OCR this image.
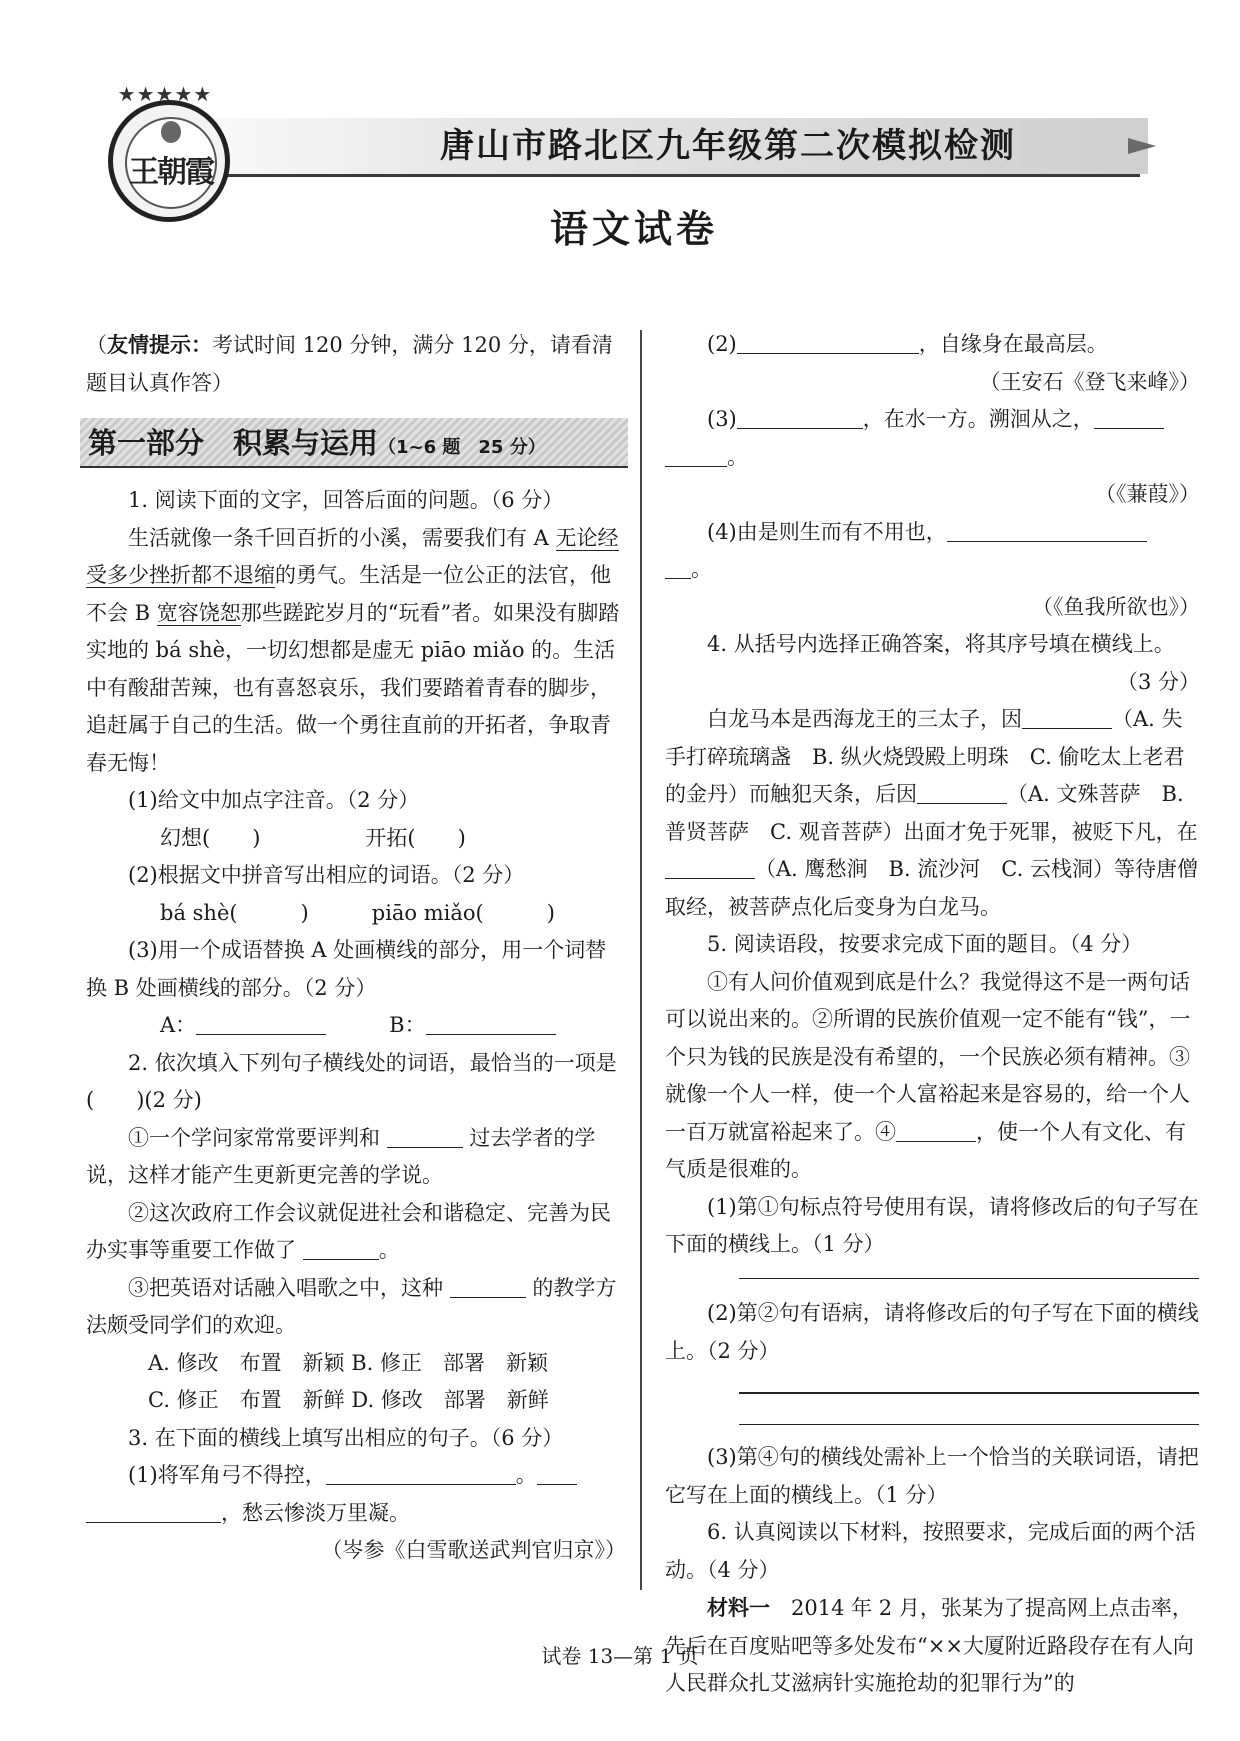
王朝霞
★★★★★
唐山市路北区九年级第二次模拟检测
语文试卷

（友情提示：考试时间 120 分钟，满分 120 分，请看清题目认真作答）

第一部分　积累与运用（1~6 题　25 分）

1. 阅读下面的文字，回答后面的问题。（6 分）

生活就像一条千回百折的小溪，需要我们有 A 无论经受多少挫折都不退缩的勇气。生活是一位公正的法官，他不会 B 宽容饶恕那些蹉跎岁月的“玩看”者。如果没有脚踏实地的 bá shè，一切幻想都是虚无 piāo miǎo 的。生活中有酸甜苦辣，也有喜怒哀乐，我们要踏着青春的脚步，追赶属于自己的生活。做一个勇往直前的开拓者，争取青春无悔！

(1)给文中加点字注音。（2 分）

幻想(　　)　　　　　开拓(　　)

(2)根据文中拼音写出相应的词语。（2 分）

bá shè(　　　)　　　piāo miǎo(　　　)

(3)用一个成语替换 A 处画横线的部分，用一个词替换 B 处画横线的部分。（2 分）

A：　　　	B：

2. 依次填入下列句子横线处的词语，最恰当的一项是(　　)(2 分)

①一个学问家常常要评判和	过去学者的学说，这样才能产生更新更完善的学说。

②这次政府工作会议就促进社会和谐稳定、完善为民办实事等重要工作做了	。

③把英语对话融入唱歌之中，这种	的教学方法颇受同学们的欢迎。

A. 修改　布置　新颖 B. 修正　部署　新颖

C. 修正　布置　新鲜 D. 修改　部署　新鲜

3. 在下面的横线上填写出相应的句子。（6 分）

(1)将军角弓不得控，	。

，愁云惨淡万里凝。

（岑参《白雪歌送武判官归京》）

(2)	，自缘身在最高层。

（王安石《登飞来峰》）

(3)	，在水一方。溯洄从之，

。

（《蒹葭》）

(4)由是则生而有不用也，

。

（《鱼我所欲也》）

4. 从括号内选择正确答案，将其序号填在横线上。

（3 分）

白龙马本是西海龙王的三太子，因	（A. 失手打碎琉璃盏　B. 纵火烧毁殿上明珠　C. 偷吃太上老君的金丹）而触犯天条，后因	（A. 文殊菩萨　B. 普贤菩萨　C. 观音菩萨）出面才免于死罪，被贬下凡，在（A. 鹰愁涧　B. 流沙河　C. 云栈洞）等待唐僧取经，被菩萨点化后变身为白龙马。

5. 阅读语段，按要求完成下面的题目。（4 分）

①有人问价值观到底是什么？我觉得这不是一两句话可以说出来的。②所谓的民族价值观一定不能有“钱”，一个只为钱的民族是没有希望的，一个民族必须有精神。③就像一个人一样，使一个人富裕起来是容易的，给一个人一百万就富裕起来了。④	，使一个人有文化、有气质是很难的。

(1)第①句标点符号使用有误，请将修改后的句子写在下面的横线上。（1 分）

(2)第②句有语病，请将修改后的句子写在下面的横线上。（2 分）

(3)第④句的横线处需补上一个恰当的关联词语，请把它写在上面的横线上。（1 分）

6. 认真阅读以下材料，按照要求，完成后面的两个活动。（4 分）

材料一　2014 年 2 月，张某为了提高网上点击率，先后在百度贴吧等多处发布“××大厦附近路段存在有人向人民群众扎艾滋病针实施抢劫的犯罪行为”的

试卷 13—第 1 页
